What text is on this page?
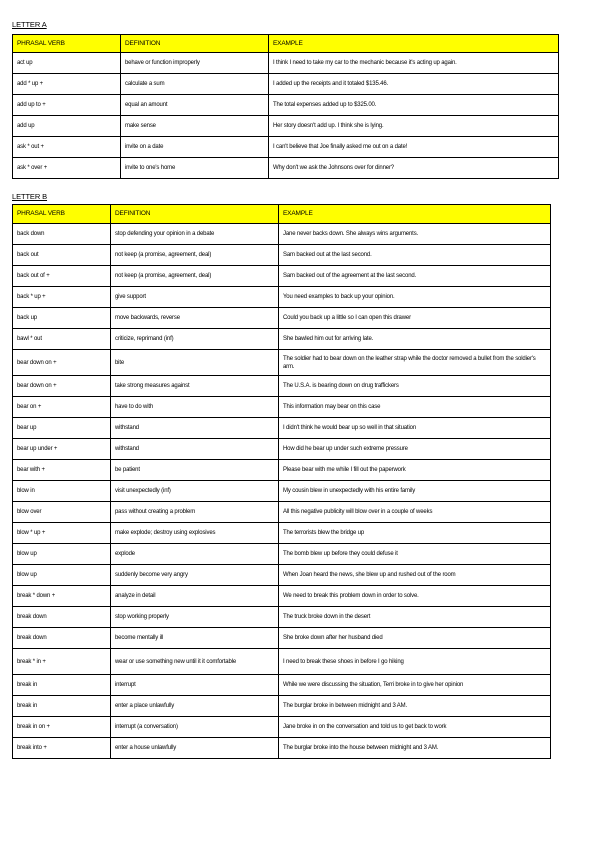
LETTER A
PHRASAL VERB	DEFINITION	EXAMPLE
act up	behave or function improperly	I think I need to take my car to the mechanic because it's acting up again.
add * up +	calculate a sum	I added up the receipts and it totaled $135.46.
add up to +	equal an amount	The total expenses added up to $325.00.
add up	make sense	Her story doesn't add up. I think she is lying.
ask * out +	invite on a date	I can't believe that Joe finally asked me out on a date!
ask * over +	invite to one's home	Why don't we ask the Johnsons over for dinner?
LETTER B
PHRASAL VERB	DEFINITION	EXAMPLE
back down	stop defending your opinion in a debate	Jane never backs down. She always wins arguments.
back out	not keep (a promise, agreement, deal)	Sam backed out at the last second.
back out of +	not keep (a promise, agreement, deal)	Sam backed out of the agreement at the last second.
back * up +	give support	You need examples to back up your opinion.
back up	move backwards, reverse	Could you back up a little so I can open this drawer
bawl * out	criticize, reprimand (inf)	She bawled him out for arriving late.
bear down on +	bite	The soldier had to bear down on the leather strap while the doctor removed a bullet from the soldier's arm.
bear down on +	take strong measures against	The U.S.A. is bearing down on drug traffickers
bear on +	have to do with	This information may bear on this case
bear up	withstand	I didn't think he would bear up so well in that situation
bear up under +	withstand	How did he bear up under such extreme pressure
bear with +	be patient	Please bear with me while I fill out the paperwork
blow in	visit unexpectedly (inf)	My cousin blew in unexpectedly with his entire family
blow over	pass without creating a problem	All this negative publicity will blow over in a couple of weeks
blow * up +	make explode; destroy using explosives	The terrorists blew the bridge up
blow up	explode	The bomb blew up before they could defuse it
blow up	suddenly become very angry	When Joan heard the news, she blew up and rushed out of the room
break * down +	analyze in detail	We need to break this problem down in order to solve.
break down	stop working properly	The truck broke down in the desert
break down	become mentally ill	She broke down after her husband died
break * in +	wear or use something new until it it comfortable	I need to break these shoes in before I go hiking
break in	interrupt	While we were discussing the situation, Terri broke in to give her opinion
break in	enter a place unlawfully	The burglar broke in between midnight and 3 AM.
break in on +	interrupt (a conversation)	Jane broke in on the conversation and told us to get back to work
break into +	enter a house unlawfully	The burglar broke into the house between midnight and 3 AM.
